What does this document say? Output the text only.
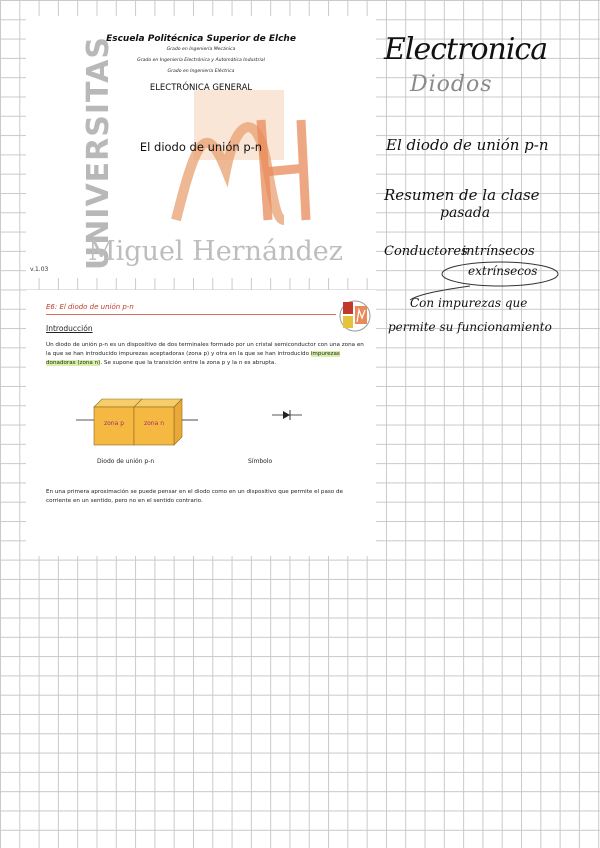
UNIVERSITAS
Miguel Hernández
Escuela Politécnica Superior de Elche
Grado en Ingeniería Mecánica
Grado en Ingeniería Electrónica y Automática Industrial
Grado en Ingeniería Eléctrica
ELECTRÓNICA GENERAL
El diodo de unión p-n
v.1.03
E6: El diodo de unión p-n
Introducción
Un diodo de unión p-n es un dispositivo de dos terminales formado por un cristal semiconductor con una zona en la que se han introducido impurezas aceptadoras (zona p) y otra en la que se han introducido impurezas donadoras (zona n). Se supone que la transición entre la zona p y la n es abrupta.
zona p	zona n
Diodo de unión p-n	Símbolo
En una primera aproximación se puede pensar en el diodo como en un dispositivo que permite el paso de corriente en un sentido, pero no en el sentido contrario.
Electronica
Diodos
El diodo de unión p-n
Resumen de la clase
pasada
Conductores
intrínsecos
extrínsecos
Con impurezas que
permite su funcionamiento
